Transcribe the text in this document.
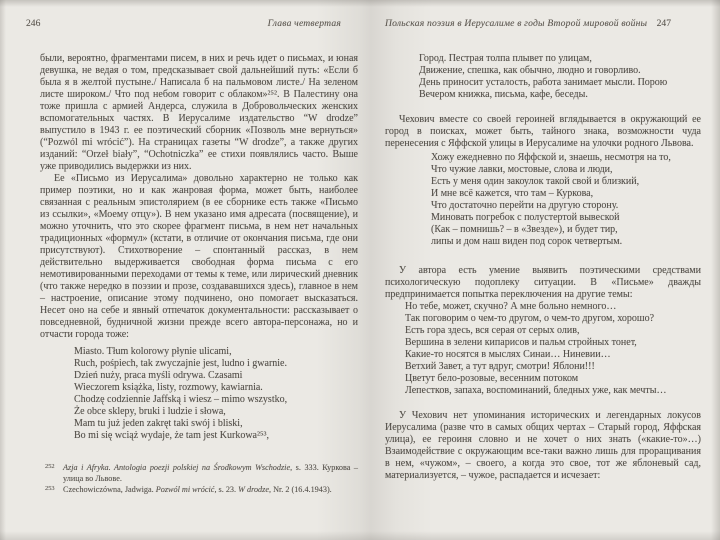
246	Глава четвертая

были, вероятно, фрагментами писем, в них и речь идет о письмах, и юная девушка, не ведая о том, предсказывает свой дальнейший путь: «Если б была я в желтой пустыне./ Написала б на пальмовом листе./ На зеленом листе широком./ Что под небом говорит с облаком»²⁵². В Палестину она тоже пришла с армией Андерса, служила в Добровольческих женских вспомогательных частях. В Иерусалиме издательство “W drodze” выпустило в 1943 г. ее поэтический сборник «Позволь мне вернуться» (“Pozwól mi wrócić”). На страницах газеты “W drodze”, а также других изданий: “Orzeł biały”, “Ochotniczka” ее стихи появлялись часто. Выше уже приводились выдержки из них.

Ее «Письмо из Иерусалима» довольно характерно не только как пример поэтики, но и как жанровая форма, может быть, наиболее связанная с реальным эпистолярием (в ее сборнике есть также «Письмо из ссылки», «Моему отцу»). В нем указано имя адресата (посвящение), и можно уточнить, что это скорее фрагмент письма, в нем нет начальных традиционных «формул» (кстати, в отличие от окончания письма, где они присутствуют). Стихотворение – спонтанный рассказ, в нем действительно выдерживается свободная форма письма с его немотивированными переходами от темы к теме, или лирический дневник (что также нередко в поэзии и прозе, создававшихся здесь), главное в нем – настроение, описание этому подчинено, оно помогает высказаться. Несет оно на себе и явный отпечаток документальности: рассказывает о повседневной, будничной жизни прежде всего автора-персонажа, но и отчасти города тоже:

Miasto. Tłum kolorowy płynie ulicami,
Ruch, pośpiech, tak zwyczajnie jest, ludno i gwarnie.
Dzień nuży, praca myśli odrywa. Czasami
Wieczorem książka, listy, rozmowy, kawiarnia.
Chodzę codziennie Jaffską i wiesz – mimo wszystko,
Że obce sklepy, bruki i ludzie i słowa,
Mam tu już jeden zakręt taki swój i bliski,
Bo mi się wciąż wydaje, że tam jest Kurkowa²⁵³,
252	Azja i Afryka. Antologia poezji polskiej na Środkowym Wschodzie, s. 333. Куркова – улица во Львове.
253	Czechowiczówna, Jadwiga. Pozwól mi wrócić, s. 23. W drodze, Nr. 2 (16.4.1943).
Польская поэзия в Иерусалиме в годы Второй мировой войны 247
Город. Пестрая толпа плывет по улицам,
Движение, спешка, как обычно, людно и говорливо.
День приносит усталость, работа занимает мысли. Порою
Вечером книжка, письма, кафе, беседы.

Чехович вместе со своей героиней вглядывается в окружающий ее город в поисках, может быть, тайного знака, возможности чуда перенесения с Яффской улицы в Иерусалиме на улочки родного Львова.

Хожу ежедневно по Яффской и, знаешь, несмотря на то,
Что чужие лавки, мостовые, слова и люди,
Есть у меня один закоулок такой свой и близкий,
И мне всё кажется, что там – Куркова,
Что достаточно перейти на другую сторону.
Миновать погребок с полустертой вывеской
(Как – помнишь? – в «Звезде»), и будет тир,
липы и дом наш виден под сорок четвертым.

У автора есть умение выявить поэтическими средствами психологическую подоплеку ситуации. В «Письме» дважды предпринимается попытка переключения на другие темы:

Но тебе, может, скучно? А мне больно немного…
Так поговорим о чем-то другом, о чем-то другом, хорошо?
Есть гора здесь, вся серая от серых олив,
Вершина в зелени кипарисов и пальм стройных тонет,
Какие-то носятся в мыслях Синаи… Ниневии…
Ветхий Завет, а тут вдруг, смотри! Яблони!!!
Цветут бело-розовые, весенним потоком
Лепестков, запаха, воспоминаний, бледных уже, как мечты…

У Чехович нет упоминания исторических и легендарных локусов Иерусалима (разве что в самых общих чертах – Старый город, Яффская улица), ее героиня словно и не хочет о них знать («какие-то»…) Взаимодействие с окружающим все-таки важно лишь для проращивания в нем, «чужом», – своего, а когда это свое, тот же яблоневый сад, материализуется, – чужое, распадается и исчезает:
